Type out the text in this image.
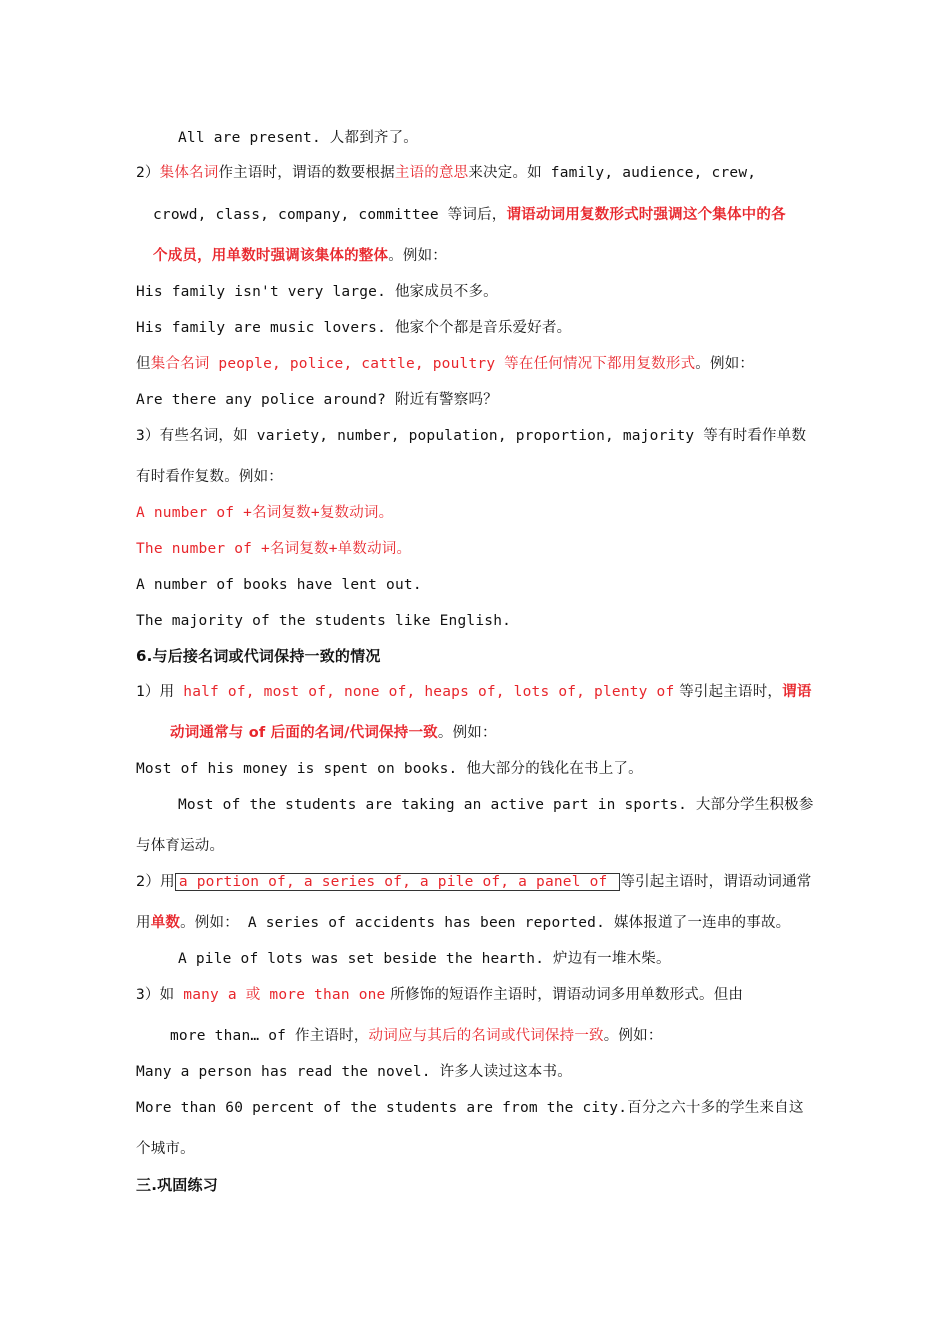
All are present. 人都到齐了。
2）集体名词作主语时，谓语的数要根据主语的意思来决定。如 family, audience, crew,
crowd, class, company, committee 等词后，谓语动词用复数形式时强调这个集体中的各
个成员，用单数时强调该集体的整体。例如：
His family isn't very large. 他家成员不多。
His family are music lovers. 他家个个都是音乐爱好者。
但集合名词 people, police, cattle, poultry 等在任何情况下都用复数形式。例如：
Are there any police around? 附近有警察吗？
3）有些名词，如 variety, number, population, proportion, majority 等有时看作单数
有时看作复数。例如：
A number of +名词复数+复数动词。
The number of +名词复数+单数动词。
A number of books have lent out.
The majority of the students like English.
6.与后接名词或代词保持一致的情况
1）用 half of, most of, none of, heaps of, lots of, plenty of 等引起主语时，谓语
动词通常与 of 后面的名词/代词保持一致。例如：
Most of his money is spent on books. 他大部分的钱化在书上了。
Most of the students are taking an active part in sports. 大部分学生积极参
与体育运动。
2）用 a portion of, a series of, a pile of, a panel of 等引起主语时，谓语动词通常
用单数。例如： A series of accidents has been reported. 媒体报道了一连串的事故。
A pile of lots was set beside the hearth. 炉边有一堆木柴。
3）如 many a 或 more than one 所修饰的短语作主语时，谓语动词多用单数形式。但由
more than… of 作主语时，动词应与其后的名词或代词保持一致。例如：
Many a person has read the novel. 许多人读过这本书。
More than 60 percent of the students are from the city.百分之六十多的学生来自这
个城市。
三.巩固练习
